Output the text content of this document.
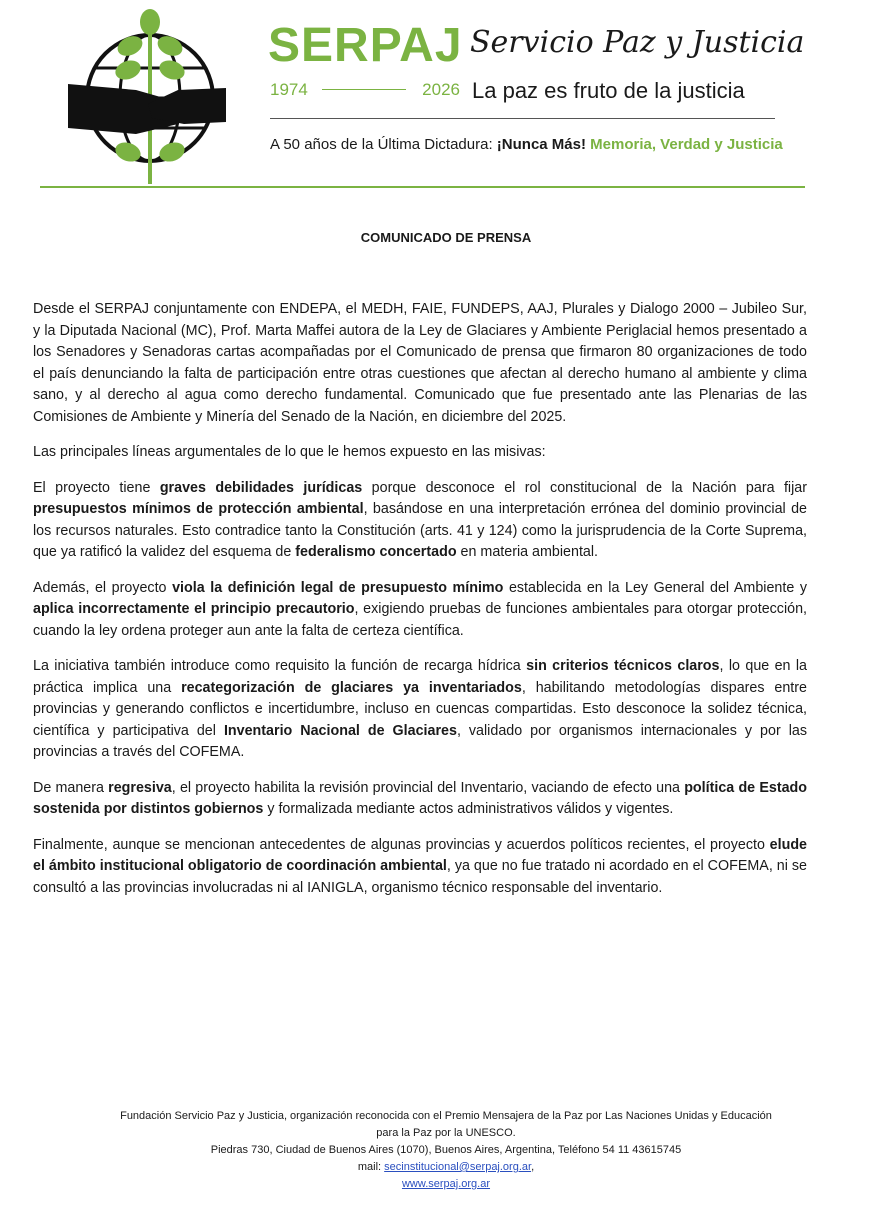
SERPAJ Servicio Paz y Justicia
1974	2026 La paz es fruto de la justicia
A 50 años de la Última Dictadura: ¡Nunca Más! Memoria, Verdad y Justicia
COMUNICADO DE PRENSA

Desde el SERPAJ conjuntamente con ENDEPA, el MEDH, FAIE, FUNDEPS, AAJ, Plurales y Dialogo 2000 – Jubileo Sur, y la Diputada Nacional (MC), Prof. Marta Maffei autora de la Ley de Glaciares y Ambiente Periglacial hemos presentado a los Senadores y Senadoras cartas acompañadas por el Comunicado de prensa que firmaron 80 organizaciones de todo el país denunciando la falta de participación entre otras cuestiones que afectan al derecho humano al ambiente y clima sano, y al derecho al agua como derecho fundamental. Comunicado que fue presentado ante las Plenarias de las Comisiones de Ambiente y Minería del Senado de la Nación, en diciembre del 2025.

Las principales líneas argumentales de lo que le hemos expuesto en las misivas:

El proyecto tiene graves debilidades jurídicas porque desconoce el rol constitucional de la Nación para fijar presupuestos mínimos de protección ambiental, basándose en una interpretación errónea del dominio provincial de los recursos naturales. Esto contradice tanto la Constitución (arts. 41 y 124) como la jurisprudencia de la Corte Suprema, que ya ratificó la validez del esquema de federalismo concertado en materia ambiental.

Además, el proyecto viola la definición legal de presupuesto mínimo establecida en la Ley General del Ambiente y aplica incorrectamente el principio precautorio, exigiendo pruebas de funciones ambientales para otorgar protección, cuando la ley ordena proteger aun ante la falta de certeza científica.

La iniciativa también introduce como requisito la función de recarga hídrica sin criterios técnicos claros, lo que en la práctica implica una recategorización de glaciares ya inventariados, habilitando metodologías dispares entre provincias y generando conflictos e incertidumbre, incluso en cuencas compartidas. Esto desconoce la solidez técnica, científica y participativa del Inventario Nacional de Glaciares, validado por organismos internacionales y por las provincias a través del COFEMA.

De manera regresiva, el proyecto habilita la revisión provincial del Inventario, vaciando de efecto una política de Estado sostenida por distintos gobiernos y formalizada mediante actos administrativos válidos y vigentes.

Finalmente, aunque se mencionan antecedentes de algunas provincias y acuerdos políticos recientes, el proyecto elude el ámbito institucional obligatorio de coordinación ambiental, ya que no fue tratado ni acordado en el COFEMA, ni se consultó a las provincias involucradas ni al IANIGLA, organismo técnico responsable del inventario.

Fundación Servicio Paz y Justicia, organización reconocida con el Premio Mensajera de la Paz por Las Naciones Unidas y Educación
para la Paz por la UNESCO.
Piedras 730, Ciudad de Buenos Aires (1070), Buenos Aires, Argentina, Teléfono 54 11 43615745
mail: secinstitucional@serpaj.org.ar,
www.serpaj.org.ar
